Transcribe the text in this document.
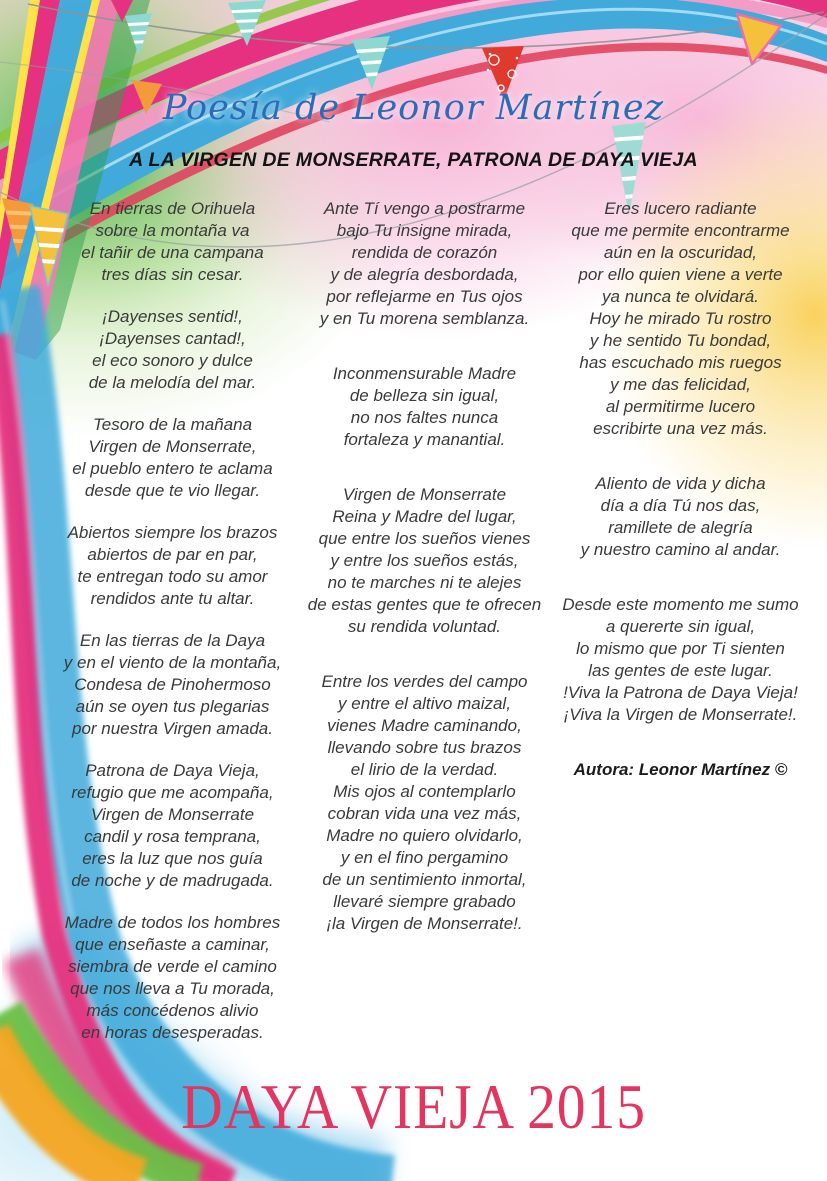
Poesía de Leonor Martínez
A LA VIRGEN DE MONSERRATE, PATRONA DE DAYA VIEJA
En tierras de Orihuela
sobre la montaña va
el tañir de una campana
tres días sin cesar.
¡Dayenses sentid!,
¡Dayenses cantad!,
el eco sonoro y dulce
de la melodía del mar.
Tesoro de la mañana
Virgen de Monserrate,
el pueblo entero te aclama
desde que te vio llegar.
Abiertos siempre los brazos
abiertos de par en par,
te entregan todo su amor
rendidos ante tu altar.
En las tierras de la Daya
y en el viento de la montaña,
Condesa de Pinohermoso
aún se oyen tus plegarias
por nuestra Virgen amada.
Patrona de Daya Vieja,
refugio que me acompaña,
Virgen de Monserrate
candil y rosa temprana,
eres la luz que nos guía
de noche y de madrugada.
Madre de todos los hombres
que enseñaste a caminar,
siembra de verde el camino
que nos lleva a Tu morada,
más concédenos alivio
en horas desesperadas.
Ante Tí vengo a postrarme
bajo Tu insigne mirada,
rendida de corazón
y de alegría desbordada,
por reflejarme en Tus ojos
y en Tu morena semblanza.
Inconmensurable Madre
de belleza sin igual,
no nos faltes nunca
fortaleza y manantial.
Virgen de Monserrate
Reina y Madre del lugar,
que entre los sueños vienes
y entre los sueños estás,
no te marches ni te alejes
de estas gentes que te ofrecen
su rendida voluntad.
Entre los verdes del campo
y entre el altivo maizal,
vienes Madre caminando,
llevando sobre tus brazos
el lirio de la verdad.
Mis ojos al contemplarlo
cobran vida una vez más,
Madre no quiero olvidarlo,
y en el fino pergamino
de un sentimiento inmortal,
llevaré siempre grabado
¡la Virgen de Monserrate!.
Eres lucero radiante
que me permite encontrarme
aún en la oscuridad,
por ello quien viene a verte
ya nunca te olvidará.
Hoy he mirado Tu rostro
y he sentido Tu bondad,
has escuchado mis ruegos
y me das felicidad,
al permitirme lucero
escribirte una vez más.
Aliento de vida y dicha
día a día Tú nos das,
ramillete de alegría
y nuestro camino al andar.
Desde este momento me sumo
a quererte sin igual,
lo mismo que por Ti sienten
las gentes de este lugar.
!Viva la Patrona de Daya Vieja!
¡Viva la Virgen de Monserrate!.
Autora: Leonor Martínez ©
DAYA VIEJA 2015
